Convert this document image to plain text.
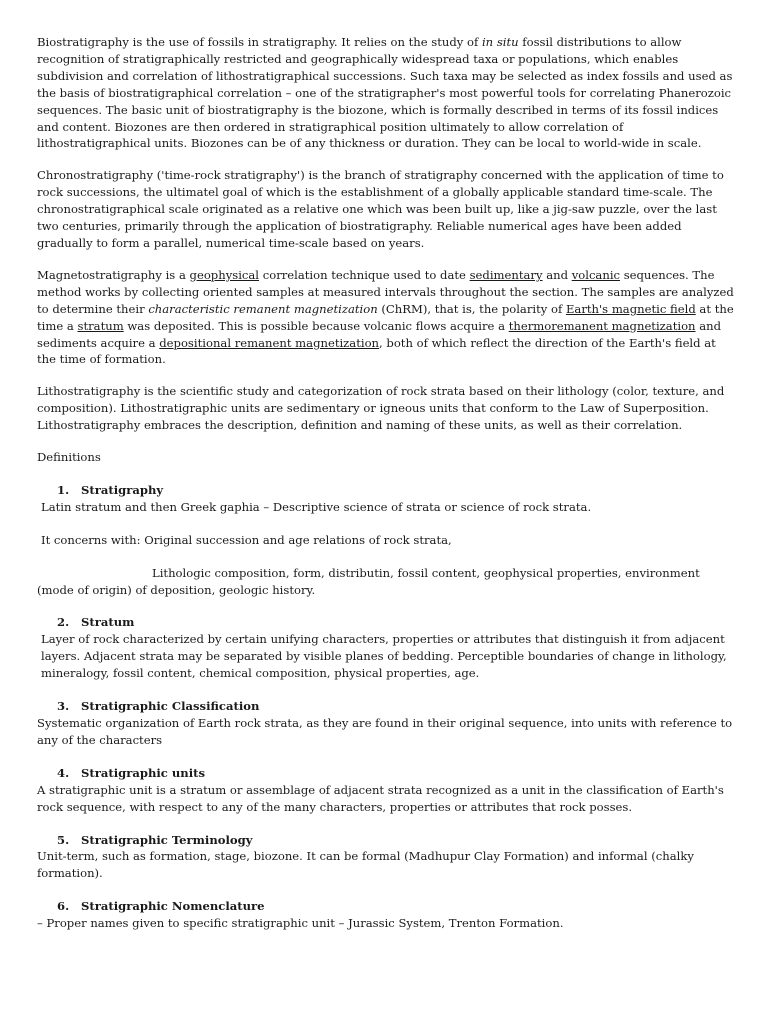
Biostratigraphy is the use of fossils in stratigraphy. It relies on the study of in situ fossil distributions to allow recognition of stratigraphically restricted and geographically widespread taxa or populations, which enables subdivision and correlation of lithostratigraphical successions. Such taxa may be selected as index fossils and used as the basis of biostratigraphical correlation – one of the stratigrapher's most powerful tools for correlating Phanerozoic sequences. The basic unit of biostratigraphy is the biozone, which is formally described in terms of its fossil indices and content. Biozones are then ordered in stratigraphical position ultimately to allow correlation of lithostratigraphical units. Biozones can be of any thickness or duration. They can be local to world-wide in scale.

Chronostratigraphy ('time-rock stratigraphy') is the branch of stratigraphy concerned with the application of time to rock successions, the ultimatel goal of which is the establishment of a globally applicable standard time-scale. The chronostratigraphical scale originated as a relative one which was been built up, like a jig-saw puzzle, over the last two centuries, primarily through the application of biostratigraphy. Reliable numerical ages have been added gradually to form a parallel, numerical time-scale based on years.

Magnetostratigraphy is a geophysical correlation technique used to date sedimentary and volcanic sequences. The method works by collecting oriented samples at measured intervals throughout the section. The samples are analyzed to determine their characteristic remanent magnetization (ChRM), that is, the polarity of Earth's magnetic field at the time a stratum was deposited. This is possible because volcanic flows acquire a thermoremanent magnetization and sediments acquire a depositional remanent magnetization, both of which reflect the direction of the Earth's field at the time of formation.

Lithostratigraphy is the scientific study and categorization of rock strata based on their lithology (color, texture, and composition). Lithostratigraphic units are sedimentary or igneous units that conform to the Law of Superposition. Lithostratigraphy embraces the description, definition and naming of these units, as well as their correlation.

Definitions
1. Stratigraphy
Latin stratum and then Greek gaphia – Descriptive science of strata or science of rock strata.
It concerns with: Original succession and age relations of rock strata,
Lithologic composition, form, distributin, fossil content, geophysical properties, environment
(mode of origin) of deposition, geologic history.
2. Stratum
Layer of rock characterized by certain unifying characters, properties or attributes that distinguish it from adjacent layers. Adjacent strata may be separated by visible planes of bedding. Perceptible boundaries of change in lithology, mineralogy, fossil content, chemical composition, physical properties, age.
3. Stratigraphic Classification
Systematic organization of Earth rock strata, as they are found in their original sequence, into units with reference to any of the characters
4. Stratigraphic units
A stratigraphic unit is a stratum or assemblage of adjacent strata recognized as a unit in the classification of Earth's rock sequence, with respect to any of the many characters, properties or attributes that rock posses.
5. Stratigraphic Terminology
Unit-term, such as formation, stage, biozone. It can be formal (Madhupur Clay Formation) and informal (chalky formation).
6. Stratigraphic Nomenclature
– Proper names given to specific stratigraphic unit – Jurassic System, Trenton Formation.
